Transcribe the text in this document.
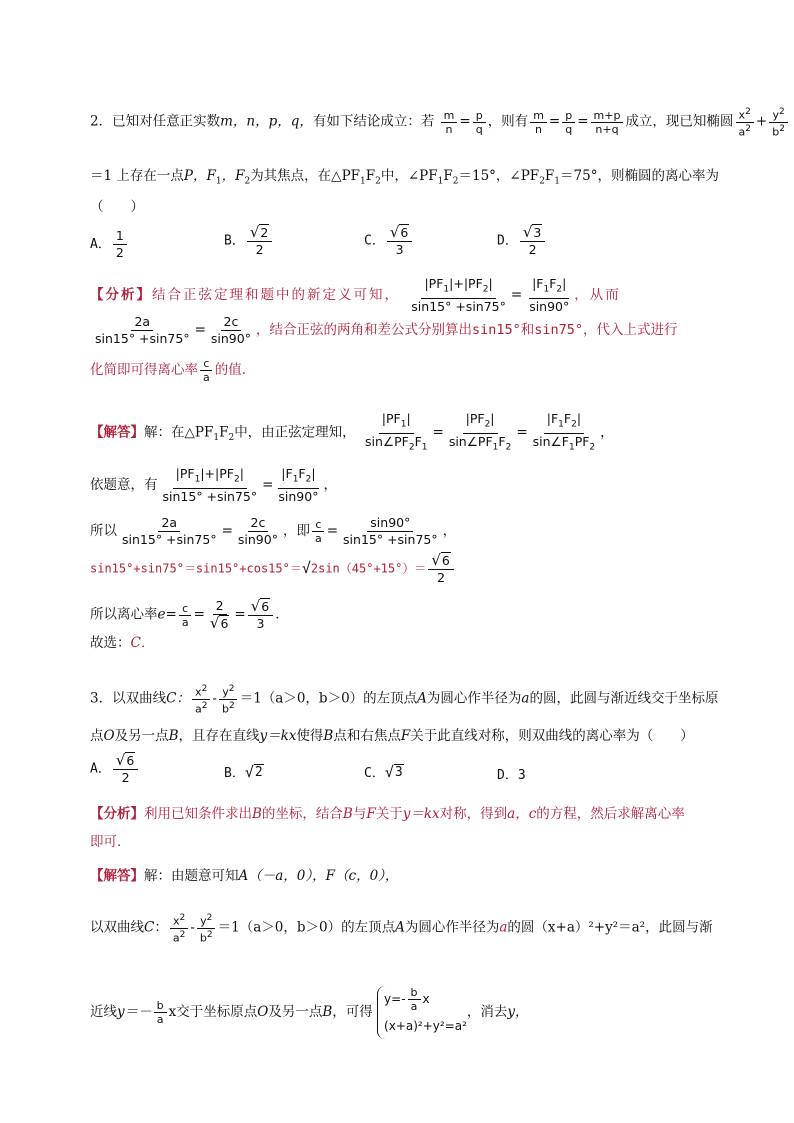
2．已知对任意正实数m，n，p，q，有如下结论成立：若 $\frac{m}{n} = \frac{p}{q}$ ，则有 $\frac{m}{n} = \frac{p}{q} = \frac{m+p}{n+q}$ 成立，现已知椭圆 $\frac{x^2}{a^2} + \frac{y^2}{b^2}$
＝1 上存在一点P，$F_1$，$F_2$为其焦点，在$\triangle PF_1F_2$中，$\angle PF_1F_2=15^\circ$，$\angle PF_2F_1=75^\circ$，则椭圆的离心率为
（　　）
A． $\frac{1}{2}$	B． $\frac{√ 2}{2}$	C． $\frac{√ 6}{3}$	D． $\frac{√ 3}{2}$
【分析】结合正弦定理和题中的新定义可知， $\frac{|PF_1|+|PF_2|}{\sin 15^\circ +\sin 75^\circ} = \frac{|F_1F_2|}{\sin 90^\circ}$ ，从而
$\frac{2a}{\sin 15^\circ +\sin 75^\circ} = \frac{2c}{\sin 90^\circ}$ ，结合正弦的两角和差公式分别算出sin15°和sin75°，代入上式进行
化简即可得离心率 $\frac{c}{a}$ 的值．
【解答】解：在$\triangle PF_1F_2$中，由正弦定理知， $\frac{|PF_1|}{\sin\angle PF_2F_1} = \frac{|PF_2|}{\sin\angle PF_1F_2} = \frac{|F_1F_2|}{\sin\angle F_1PF_2}$ ，
依题意，有 $\frac{|PF_1|+|PF_2|}{\sin 15^\circ +\sin 75^\circ} = \frac{|F_1F_2|}{\sin 90^\circ}$ ，
所以 $\frac{2a}{\sin 15^\circ +\sin 75^\circ} = \frac{2c}{\sin 90^\circ}$ ，即 $\frac{c}{a} = \frac{\sin 90^\circ}{\sin 15^\circ +\sin 75^\circ}$ ，
sin15°+sin75°＝sin15°+cos15°＝ √ $2\sin(45^\circ+15^\circ)= \frac{√ 6}{2}$
所以离心率$e= \frac{c}{a} = \frac{2}{√ 6} = \frac{√ 6}{3}$ ．
故选：C．
3．以双曲线C： $\frac{x^2}{a^2} - \frac{y^2}{b^2} =1(a>0$，b＞0）的左顶点A为圆心作半径为a的圆，此圆与渐近线交于坐标原
点O及另一点B，且存在直线y＝kx使得B点和右焦点F关于此直线对称，则双曲线的离心率为（　　）
A． $\frac{√ 6}{2}$	B． √ 2	C． √ 3	D．3
【分析】利用已知条件求出B的坐标，结合B与F关于y＝kx对称，得到a，c的方程，然后求解离心率
即可．
【解答】解：由题意可知A（－a，0），F（c，0），
以双曲线C： $\frac{x^2}{a^2} - \frac{y^2}{b^2} =1(a>0$，b＞0）的左顶点A为圆心作半径为a的圆（x+a）²+y²＝a²，此圆与渐
近线$y=- \frac{b}{a}$ x交于坐标原点O及另一点B，可得
$y=- \frac{b}{a}$ x
(x+a)²+y²=a²
，消去y，
